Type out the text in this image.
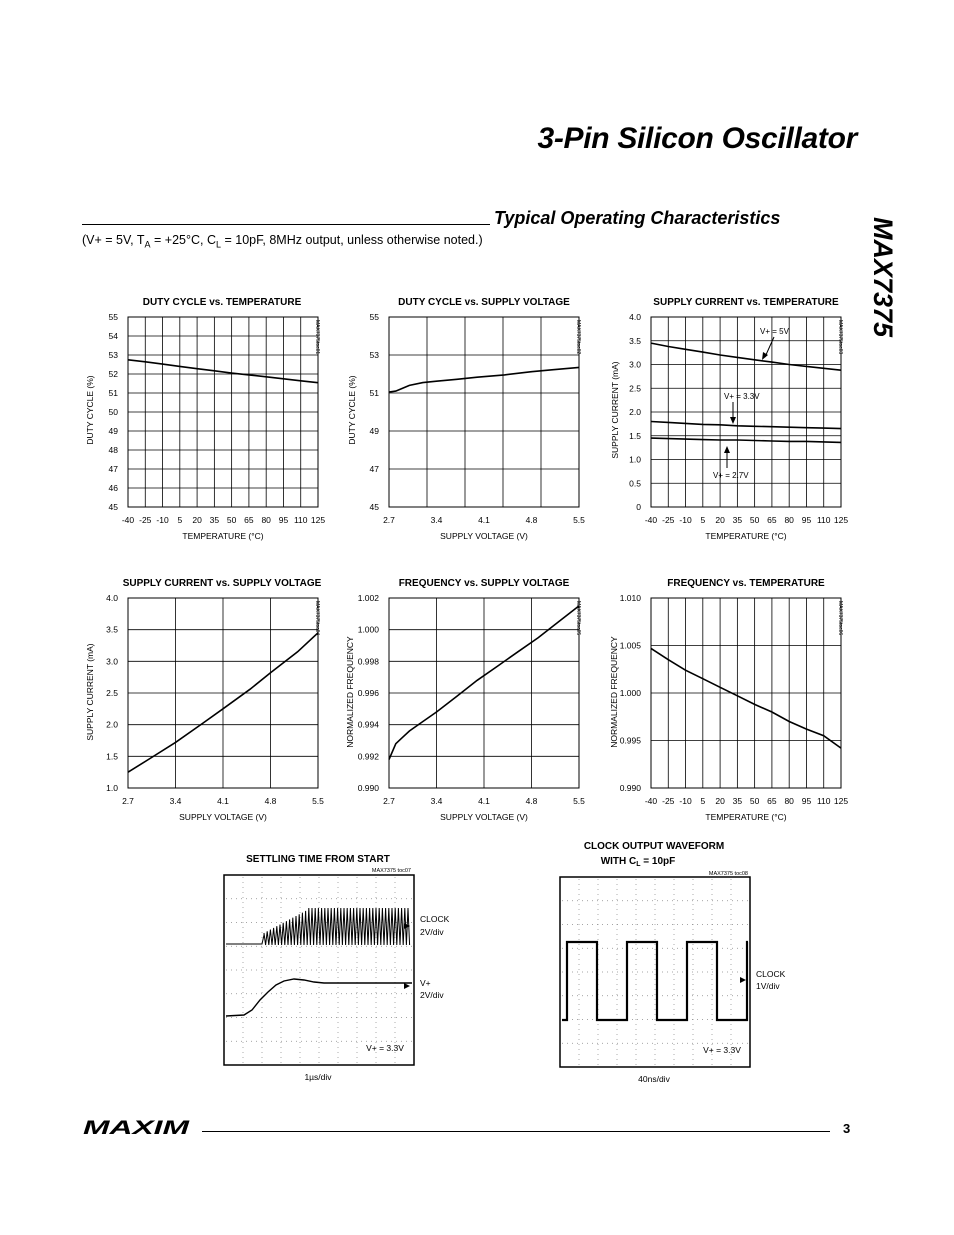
3-Pin Silicon Oscillator
Typical Operating Characteristics
(V+ = 5V, $T_A = +25^\circ C$, $C_L = 10pF$, 8MHz output, unless otherwise noted.)	MAX7375
DUTY CYCLE vs. TEMPERATURE
-40 -25 -10 5 20 35 50 65 80 95 110 125
45
46
47
48
49
50
51
52
53
54
55
TEMPERATURE (°C)
DUTY CYCLE (%)
MAX7375toc01
DUTY CYCLE vs. SUPPLY VOLTAGE
2.7	3.4	4.1	4.8	5.5
45
47
49
51
53
55
SUPPLY VOLTAGE (V)
DUTY CYCLE (%)
MAX7375toc02
SUPPLY CURRENT vs. TEMPERATURE
-40 -25 -10 5 20 35 50 65 80 95 110 125
0
0.5
1.0
1.5
2.0
2.5
3.0
3.5
4.0
TEMPERATURE (°C)
SUPPLY CURRENT (mA)
MAX7375toc03
SUPPLY CURRENT vs. SUPPLY VOLTAGE
2.7	3.4	4.1	4.8	5.5
1.0
1.5
2.0
2.5
3.0
3.5
4.0
SUPPLY VOLTAGE (V)
SUPPLY CURRENT (mA)
MAX7375toc04
FREQUENCY vs. SUPPLY VOLTAGE
2.7	3.4	4.1	4.8	5.5
0.990
0.992
0.994
0.996
0.998
1.000
1.002
SUPPLY VOLTAGE (V)
NORMALIZED FREQUENCY
MAX7375toc05
FREQUENCY vs. TEMPERATURE
-40 -25 -10 5 20 35 50 65 80 95 110 125
0.990
0.995
1.000
1.005
1.010
TEMPERATURE (°C)
NORMALIZED FREQUENCY
MAX7375toc06
V+ = 5V
V+ = 3.3V
V+ = 2.7V
SETTLING TIME FROM START
MAX7375 toc07
V+ = 3.3V
CLOCK
2V/div
V+
2V/div
1µs/div
CLOCK OUTPUT WAVEFORM
WITH $C_L = 10pF$
MAX7375 toc08
V+ = 3.3V
CLOCK
1V/div
40ns/div
MAXIM	3
